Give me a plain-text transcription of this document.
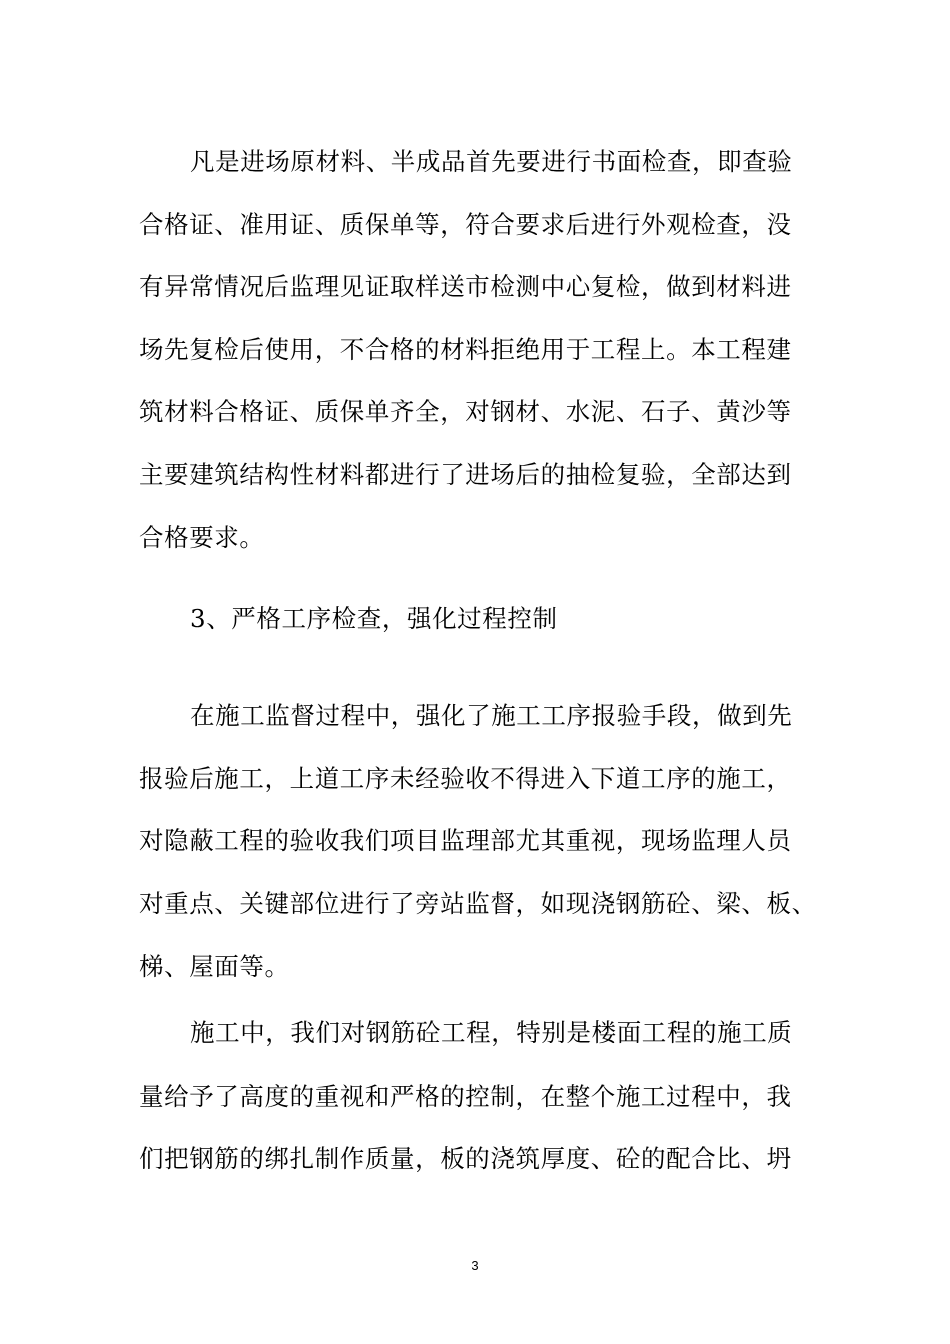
凡是进场原材料、半成品首先要进行书面检查，即查验
合格证、准用证、质保单等，符合要求后进行外观检查，没
有异常情况后监理见证取样送市检测中心复检，做到材料进
场先复检后使用，不合格的材料拒绝用于工程上。本工程建
筑材料合格证、质保单齐全，对钢材、水泥、石子、黄沙等
主要建筑结构性材料都进行了进场后的抽检复验，全部达到
合格要求。
3、严格工序检查，强化过程控制
在施工监督过程中，强化了施工工序报验手段，做到先
报验后施工，上道工序未经验收不得进入下道工序的施工，
对隐蔽工程的验收我们项目监理部尤其重视，现场监理人员
对重点、关键部位进行了旁站监督，如现浇钢筋砼、梁、板、
梯、屋面等。
施工中，我们对钢筋砼工程，特别是楼面工程的施工质
量给予了高度的重视和严格的控制，在整个施工过程中，我
们把钢筋的绑扎制作质量，板的浇筑厚度、砼的配合比、坍
3
